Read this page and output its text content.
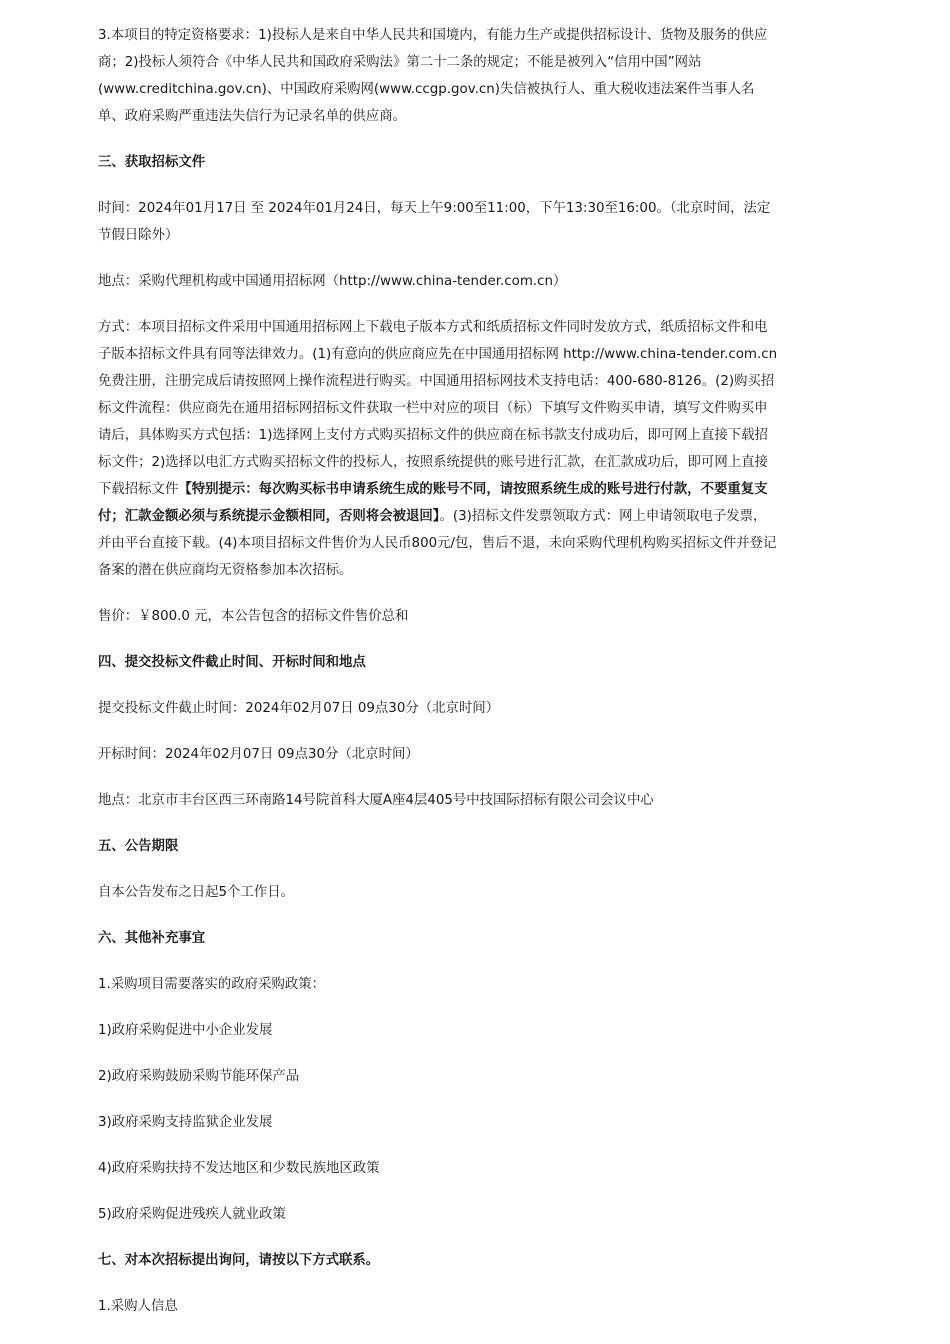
3.本项目的特定资格要求：1)投标人是来自中华人民共和国境内，有能力生产或提供招标设计、货物及服务的供应商；2)投标人须符合《中华人民共和国政府采购法》第二十二条的规定；不能是被列入“信用中国”网站(www.creditchina.gov.cn)、中国政府采购网(www.ccgp.gov.cn)失信被执行人、重大税收违法案件当事人名单、政府采购严重违法失信行为记录名单的供应商。

三、获取招标文件

时间：2024年01月17日 至 2024年01月24日，每天上午9:00至11:00，下午13:30至16:00。（北京时间，法定节假日除外）

地点：采购代理机构或中国通用招标网（http://www.china-tender.com.cn）

方式：本项目招标文件采用中国通用招标网上下载电子版本方式和纸质招标文件同时发放方式，纸质招标文件和电子版本招标文件具有同等法律效力。(1)有意向的供应商应先在中国通用招标网 http://www.china-tender.com.cn 免费注册，注册完成后请按照网上操作流程进行购买。中国通用招标网技术支持电话：400-680-8126。(2)购买招标文件流程：供应商先在通用招标网招标文件获取一栏中对应的项目（标）下填写文件购买申请，填写文件购买申请后，具体购买方式包括：1)选择网上支付方式购买招标文件的供应商在标书款支付成功后，即可网上直接下载招标文件；2)选择以电汇方式购买招标文件的投标人，按照系统提供的账号进行汇款，在汇款成功后，即可网上直接下载招标文件【特别提示：每次购买标书申请系统生成的账号不同，请按照系统生成的账号进行付款，不要重复支付；汇款金额必须与系统提示金额相同，否则将会被退回】。(3)招标文件发票领取方式：网上申请领取电子发票，并由平台直接下载。(4)本项目招标文件售价为人民币800元/包，售后不退，未向采购代理机构购买招标文件并登记备案的潜在供应商均无资格参加本次招标。

售价：￥800.0 元，本公告包含的招标文件售价总和

四、提交投标文件截止时间、开标时间和地点

提交投标文件截止时间：2024年02月07日 09点30分（北京时间）

开标时间：2024年02月07日 09点30分（北京时间）

地点：北京市丰台区西三环南路14号院首科大厦A座4层405号中技国际招标有限公司会议中心

五、公告期限

自本公告发布之日起5个工作日。

六、其他补充事宜

1.采购项目需要落实的政府采购政策：

1)政府采购促进中小企业发展

2)政府采购鼓励采购节能环保产品

3)政府采购支持监狱企业发展

4)政府采购扶持不发达地区和少数民族地区政策

5)政府采购促进残疾人就业政策

七、对本次招标提出询问，请按以下方式联系。

1.采购人信息
